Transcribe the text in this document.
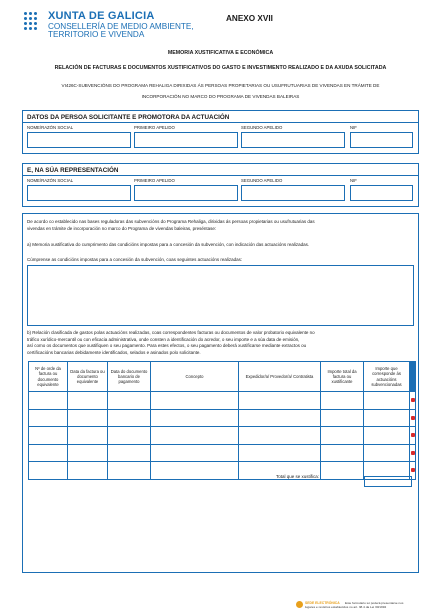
XUNTA DE GALICIA
CONSELLERÍA DE MEDIO AMBIENTE,
TERRITORIO E VIVENDA
ANEXO XVII
MEMORIA XUSTIFICATIVA E ECONÓMICA
RELACIÓN DE FACTURAS E DOCUMENTOS XUSTIFICATIVOS DO GASTO E INVESTIMENTO REALIZADO E DA AXUDA SOLICITADA
VI426C-SUBVENCIÓNS DO PROGRAMA REHALIGA DIRIXIDAS ÁS PERSOAS PROPIETARIAS OU USUFRUTUARIAS DE VIVENDAS EN TRÁMITE DE
INCORPORACIÓN NO MARCO DO PROGRAMA DE VIVENDAS BALEIRAS
DATOS DA PERSOA SOLICITANTE E PROMOTORA DA ACTUACIÓN
NOME/RAZÓN SOCIAL	PRIMEIRO APELIDO	SEGUNDO APELIDO	NIF
E, NA SÚA REPRESENTACIÓN
NOME/RAZÓN SOCIAL	PRIMEIRO APELIDO	SEGUNDO APELIDO	NIF
De acordo co establecido nas bases reguladoras das subvencións do Programa Rehaliga, dirixidas ás persoas propietarias ou usufrutuarias das
vivendas en trámite de incorporación no marco do Programa de vivendas baleiras, preséntase:
a) Memoria xustificativa do cumprimento das condicións impostas para a concesión da subvención, con indicación das actuacións realizadas.
Cúmprense as condicións impostas para a concesión da subvención, coas seguintes actuacións realizadas:
b) Relación clasificada de gastos polas actuacións realizadas, coas correspondentes facturas ou documentos de valor probatorio equivalente no
tráfico xurídico-mercantil ou con eficacia administrativa, onde consten a identificación do acredor, o seu importe e a súa data de emisión,
así como os documentos que xustifiquen o seu pagamento. Para estes efectos, o seu pagamento deberá xustificarse mediante extractos ou
certificacións bancarias debidamente identificados, selados e asinados polo solicitante.
Nº de orde da factura ou documento equivalente	Data da factura ou documento equivalente	Data do documento bancario de pagamento	Concepto	Expedidor/a/ Provedor/a/ Contratista	Importe total da factura ou xustificante	Importe que corresponde ás actuacións subvencionadas	

Total que se xustifica:
SEDE ELECTRÓNICA Este formulario só poderá presentarse nos
lugares e rexistros establecidos no art. 38.4 da Lei 30/1992
